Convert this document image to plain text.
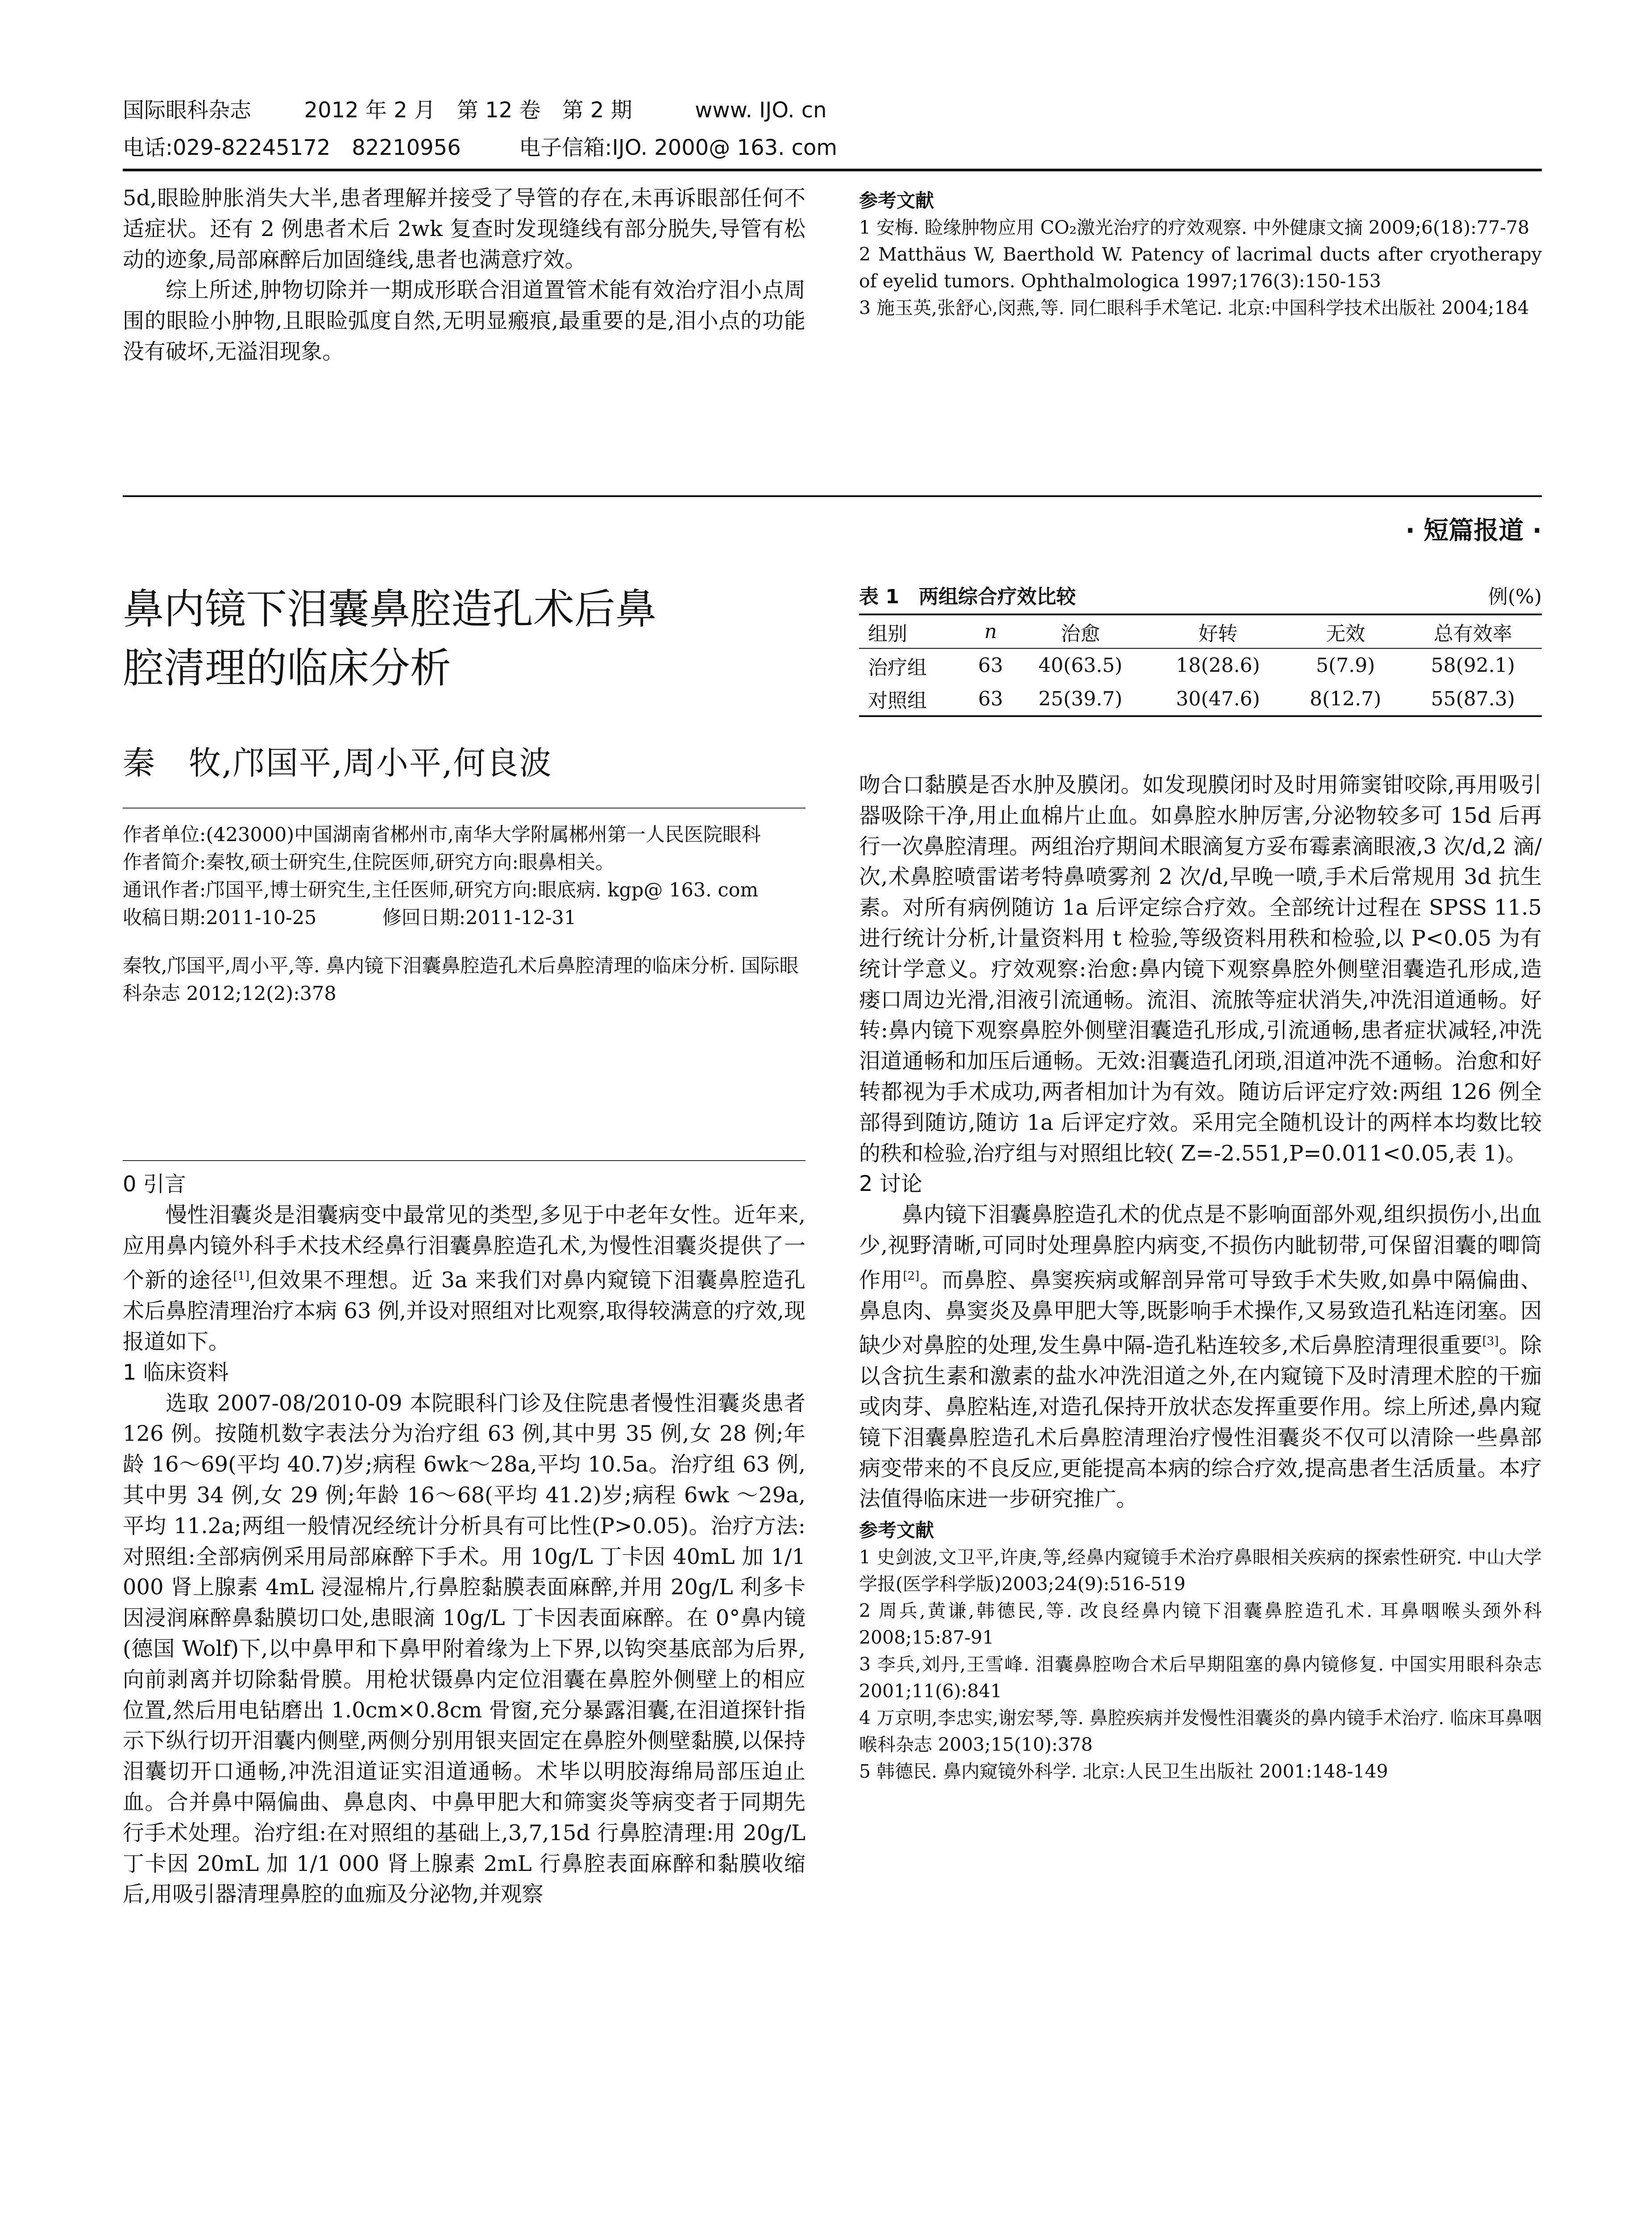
国际眼科杂志 2012 年 2 月　第 12 卷　第 2 期	www. IJO. cn
电话:029-82245172　82210956	电子信箱:IJO. 2000@ 163. com

5d,眼睑肿胀消失大半,患者理解并接受了导管的存在,未再诉眼部任何不适症状。还有 2 例患者术后 2wk 复查时发现缝线有部分脱失,导管有松动的迹象,局部麻醉后加固缝线,患者也满意疗效。

综上所述,肿物切除并一期成形联合泪道置管术能有效治疗泪小点周围的眼睑小肿物,且眼睑弧度自然,无明显瘢痕,最重要的是,泪小点的功能没有破坏,无溢泪现象。

参考文献
1 安梅. 睑缘肿物应用 CO₂激光治疗的疗效观察. 中外健康文摘 2009;6(18):77-78
2 Matthäus W, Baerthold W. Patency of lacrimal ducts after cryotherapy of eyelid tumors. Ophthalmologica 1997;176(3):150-153
3 施玉英,张舒心,闵燕,等. 同仁眼科手术笔记. 北京:中国科学技术出版社 2004;184
· 短篇报道 ·
鼻内镜下泪囊鼻腔造孔术后鼻
腔清理的临床分析
秦　牧,邝国平,周小平,何良波

作者单位:(423000)中国湖南省郴州市,南华大学附属郴州第一人民医院眼科

作者简介:秦牧,硕士研究生,住院医师,研究方向:眼鼻相关。

通讯作者:邝国平,博士研究生,主任医师,研究方向:眼底病. kgp@ 163. com

收稿日期:2011-10-25	修回日期:2011-12-31

秦牧,邝国平,周小平,等. 鼻内镜下泪囊鼻腔造孔术后鼻腔清理的临床分析. 国际眼科杂志 2012;12(2):378

0 引言

慢性泪囊炎是泪囊病变中最常见的类型,多见于中老年女性。近年来,应用鼻内镜外科手术技术经鼻行泪囊鼻腔造孔术,为慢性泪囊炎提供了一个新的途径[1],但效果不理想。近 3a 来我们对鼻内窥镜下泪囊鼻腔造孔术后鼻腔清理治疗本病 63 例,并设对照组对比观察,取得较满意的疗效,现报道如下。

1 临床资料

选取 2007-08/2010-09 本院眼科门诊及住院患者慢性泪囊炎患者 126 例。按随机数字表法分为治疗组 63 例,其中男 35 例,女 28 例;年龄 16～69(平均 40.7)岁;病程 6wk～28a,平均 10.5a。治疗组 63 例,其中男 34 例,女 29 例;年龄 16～68(平均 41.2)岁;病程 6wk ～29a,平均 11.2a;两组一般情况经统计分析具有可比性(P>0.05)。治疗方法:对照组:全部病例采用局部麻醉下手术。用 10g/L 丁卡因 40mL 加 1/1 000 肾上腺素 4mL 浸湿棉片,行鼻腔黏膜表面麻醉,并用 20g/L 利多卡因浸润麻醉鼻黏膜切口处,患眼滴 10g/L 丁卡因表面麻醉。在 0°鼻内镜(德国 Wolf)下,以中鼻甲和下鼻甲附着缘为上下界,以钩突基底部为后界,向前剥离并切除黏骨膜。用枪状镊鼻内定位泪囊在鼻腔外侧壁上的相应位置,然后用电钻磨出 1.0cm×0.8cm 骨窗,充分暴露泪囊,在泪道探针指示下纵行切开泪囊内侧壁,两侧分别用银夹固定在鼻腔外侧壁黏膜,以保持泪囊切开口通畅,冲洗泪道证实泪道通畅。术毕以明胶海绵局部压迫止血。合并鼻中隔偏曲、鼻息肉、中鼻甲肥大和筛窦炎等病变者于同期先行手术处理。治疗组:在对照组的基础上,3,7,15d 行鼻腔清理:用 20g/L 丁卡因 20mL 加 1/1 000 肾上腺素 2mL 行鼻腔表面麻醉和黏膜收缩后,用吸引器清理鼻腔的血痂及分泌物,并观察

表 1　两组综合疗效比较	例(%)
组别	n	治愈	好转	无效	总有效率
治疗组	63	40(63.5)	18(28.6)	5(7.9)	58(92.1)
对照组	63	25(39.7)	30(47.6)	8(12.7)	55(87.3)

吻合口黏膜是否水肿及膜闭。如发现膜闭时及时用筛窦钳咬除,再用吸引器吸除干净,用止血棉片止血。如鼻腔水肿厉害,分泌物较多可 15d 后再行一次鼻腔清理。两组治疗期间术眼滴复方妥布霉素滴眼液,3 次/d,2 滴/次,术鼻腔喷雷诺考特鼻喷雾剂 2 次/d,早晚一喷,手术后常规用 3d 抗生素。对所有病例随访 1a 后评定综合疗效。全部统计过程在 SPSS 11.5 进行统计分析,计量资料用 t 检验,等级资料用秩和检验,以 P<0.05 为有统计学意义。疗效观察:治愈:鼻内镜下观察鼻腔外侧壁泪囊造孔形成,造瘘口周边光滑,泪液引流通畅。流泪、流脓等症状消失,冲洗泪道通畅。好转:鼻内镜下观察鼻腔外侧壁泪囊造孔形成,引流通畅,患者症状减轻,冲洗泪道通畅和加压后通畅。无效:泪囊造孔闭琐,泪道冲洗不通畅。治愈和好转都视为手术成功,两者相加计为有效。随访后评定疗效:两组 126 例全部得到随访,随访 1a 后评定疗效。采用完全随机设计的两样本均数比较的秩和检验,治疗组与对照组比较( Z=-2.551,P=0.011<0.05,表 1)。

2 讨论

鼻内镜下泪囊鼻腔造孔术的优点是不影响面部外观,组织损伤小,出血少,视野清晰,可同时处理鼻腔内病变,不损伤内眦韧带,可保留泪囊的唧筒作用[2]。而鼻腔、鼻窦疾病或解剖异常可导致手术失败,如鼻中隔偏曲、鼻息肉、鼻窦炎及鼻甲肥大等,既影响手术操作,又易致造孔粘连闭塞。因缺少对鼻腔的处理,发生鼻中隔-造孔粘连较多,术后鼻腔清理很重要[3]。除以含抗生素和激素的盐水冲洗泪道之外,在内窥镜下及时清理术腔的干痂或肉芽、鼻腔粘连,对造孔保持开放状态发挥重要作用。综上所述,鼻内窥镜下泪囊鼻腔造孔术后鼻腔清理治疗慢性泪囊炎不仅可以清除一些鼻部病变带来的不良反应,更能提高本病的综合疗效,提高患者生活质量。本疗法值得临床进一步研究推广。

参考文献
1 史剑波,文卫平,许庚,等,经鼻内窥镜手术治疗鼻眼相关疾病的探索性研究. 中山大学学报(医学科学版)2003;24(9):516-519
2 周兵,黄谦,韩德民,等. 改良经鼻内镜下泪囊鼻腔造孔术. 耳鼻咽喉头颈外科 2008;15:87-91
3 李兵,刘丹,王雪峰. 泪囊鼻腔吻合术后早期阻塞的鼻内镜修复. 中国实用眼科杂志 2001;11(6):841
4 万京明,李忠实,谢宏琴,等. 鼻腔疾病并发慢性泪囊炎的鼻内镜手术治疗. 临床耳鼻咽喉科杂志 2003;15(10):378
5 韩德民. 鼻内窥镜外科学. 北京:人民卫生出版社 2001:148-149
